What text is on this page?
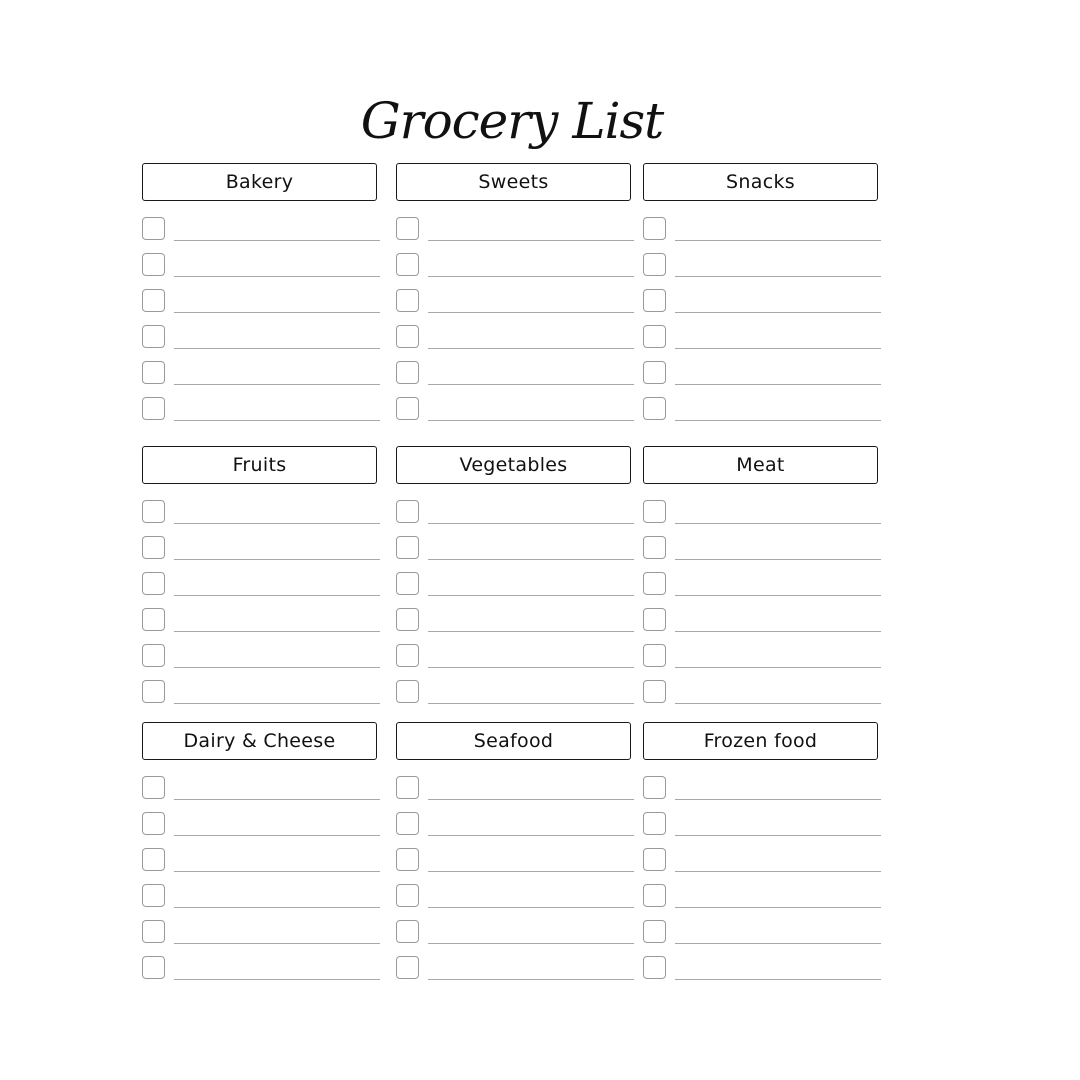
Grocery List
Bakery	Sweets	Snacks
Fruits	Vegetables	Meat
Dairy & Cheese	Seafood	Frozen food
